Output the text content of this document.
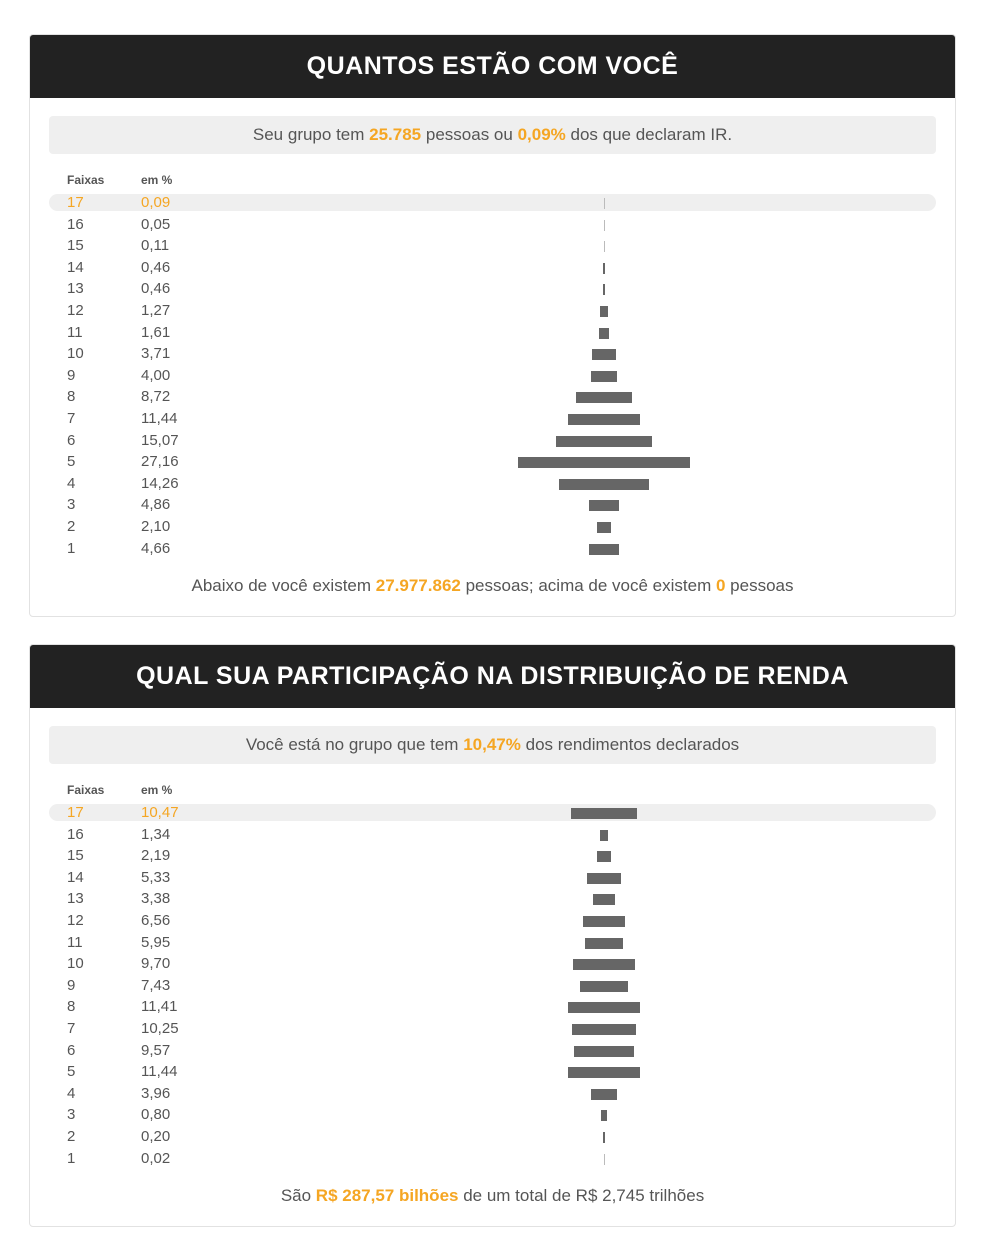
QUANTOS ESTÃO COM VOCÊ
Seu grupo tem
25.785
pessoas ou
0,09%
dos que declaram IR.
Faixas	em %
17	0,09
16	0,05
15	0,11
14	0,46
13	0,46
12	1,27
11	1,61
10	3,71
9	4,00
8	8,72
7	11,44
6	15,07
5	27,16
4	14,26
3	4,86
2	2,10
1	4,66
Abaixo de você existem 27.977.862 pessoas; acima de você existem 0 pessoas
QUAL SUA PARTICIPAÇÃO NA DISTRIBUIÇÃO DE RENDA
Você está no grupo que tem
10,47%
dos rendimentos declarados
Faixas	em %
17	10,47
16	1,34
15	2,19
14	5,33
13	3,38
12	6,56
11	5,95
10	9,70
9	7,43
8	11,41
7	10,25
6	9,57
5	11,44
4	3,96
3	0,80
2	0,20
1	0,02
São R$ 287,57 bilhões de um total de R$ 2,745 trilhões
